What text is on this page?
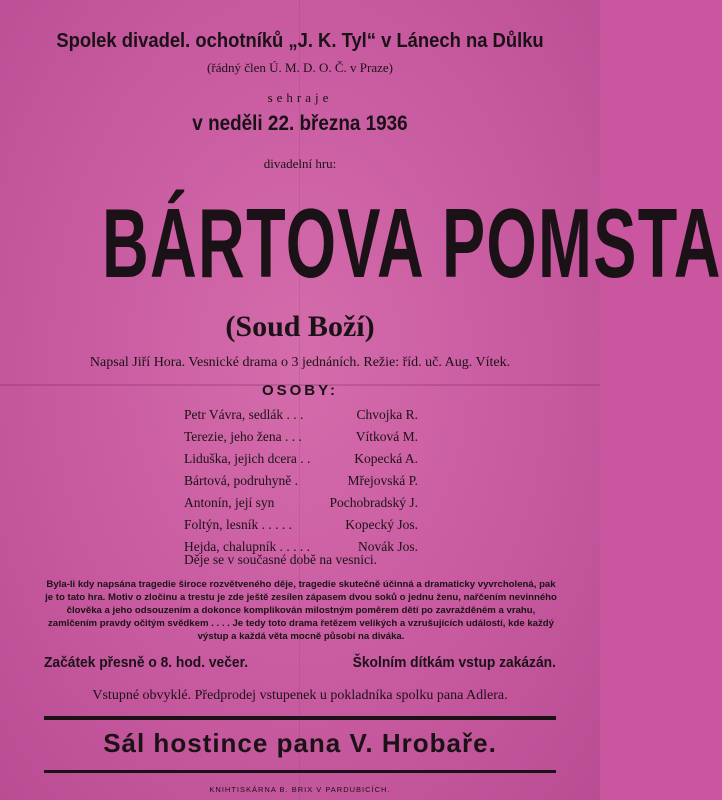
Spolek divadel. ochotníků „J. K. Tyl“ v Lánech na Důlku
(řádný člen Ú. M. D. O. Č. v Praze)
sehraje
v neděli 22. března 1936
divadelní hru:
BÁRTOVA POMSTA
(Soud Boží)
Napsal Jiří Hora. Vesnické drama o 3 jednáních. Režie: říd. uč. Aug. Vítek.
OSOBY:
Petr Vávra, sedlák . . .	Chvojka R.
Terezie, jeho žena . . .	Vítková M.
Liduška, jejich dcera . .	Kopecká A.
Bártová, podruhyně .	Mřejovská P.
Antonín, její syn	Pochobradský J.
Foltýn, lesník . . . . .	Kopecký Jos.
Hejda, chalupník . . . . .	Novák Jos.
Děje se v současné době na vesnici.
Byla-li kdy napsána tragedie široce rozvětveného děje, tragedie skutečně účinná a dramaticky vyvrcholená, pak je to tato hra. Motiv o zločinu a trestu je zde ještě zesílen zápasem dvou soků o jednu ženu, nařčením nevinného člověka a jeho odsouzením a dokonce komplikován milostným poměrem dětí po zavražděném a vrahu, zamlčením pravdy očitým svědkem . . . . Je tedy toto drama řetězem velikých a vzrušujících událostí, kde každý výstup a každá věta mocně působí na diváka.
Začátek přesně o 8. hod. večer.	Školním dítkám vstup zakázán.
Vstupné obvyklé. Předprodej vstupenek u pokladníka spolku pana Adlera.
Sál hostince pana V. Hrobaře.
KNIHTISKÁRNA B. BRIX V PARDUBICÍCH.
